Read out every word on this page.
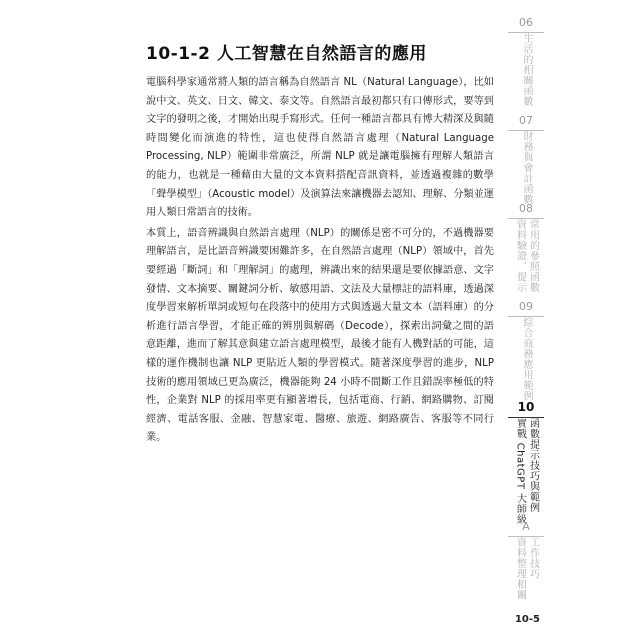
10-1-2 人工智慧在自然語言的應用

電腦科學家通常將人類的語言稱為自然語言 NL（Natural Language），比如說中文、英文、日文、韓文、泰文等。自然語言最初都只有口傳形式，要等到文字的發明之後，才開始出現手寫形式。任何一種語言都具有博大精深及與隨時間變化而演進的特性，這也使得自然語言處理（Natural Language Processing, NLP）範圍非常廣泛，所謂 NLP 就是讓電腦擁有理解人類語言的能力，也就是一種藉由大量的文本資料搭配音訊資料，並透過複雜的數學「聲學模型」（Acoustic model）及演算法來讓機器去認知、理解、分類並運用人類日常語言的技術。

本質上，語音辨識與自然語言處理（NLP）的關係是密不可分的，不過機器要理解語言，是比語音辨識要困難許多，在自然語言處理（NLP）領域中，首先要經過「斷詞」和「理解詞」的處理，辨識出來的結果還是要依據語意、文字發情、文本摘要、關鍵詞分析、敏感用語、文法及大量標註的語料庫，透過深度學習來解析單詞或短句在段落中的使用方式與透過大量文本（語料庫）的分析進行語言學習，才能正確的辨別與解碼（Decode），探索出詞彙之間的語意距離，進而了解其意與建立語言處理模型，最後才能有人機對話的可能，這樣的運作機制也讓 NLP 更貼近人類的學習模式。隨著深度學習的進步，NLP 技術的應用領域已更為廣泛，機器能夠 24 小時不間斷工作且錯誤率極低的特性，企業對 NLP 的採用率更有顯著增長，包括電商、行銷、網路購物、訂閱經濟、電話客服、金融、智慧家電、醫療、旅遊、網路廣告、客服等不同行業。

06
生活的相關函數
07
財務與會計函數
08
常用的參照函數
資料驗證、提示
09
綜合商務應用範例
10
函數提示技巧與範例
實戰 ChatGPT 大師級
A
工作技巧
資料整理相關
10-5
